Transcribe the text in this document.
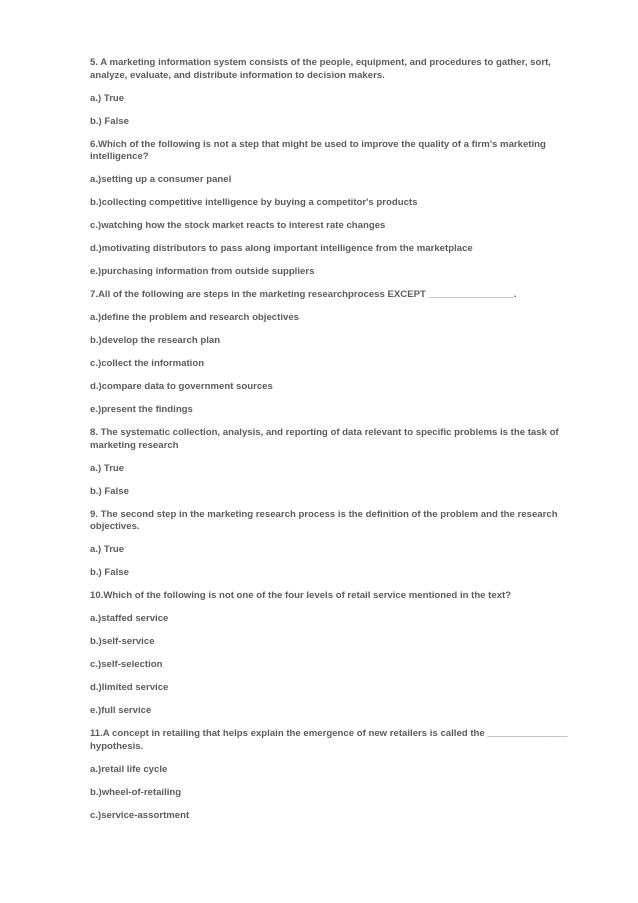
5. A marketing information system consists of the people, equipment, and procedures to gather, sort, analyze, evaluate, and distribute information to decision makers.

a.) True

b.) False

6.Which of the following is not a step that might be used to improve the quality of a firm's marketing intelligence?

a.)setting up a consumer panel

b.)collecting competitive intelligence by buying a competitor's products

c.)watching how the stock market reacts to interest rate changes

d.)motivating distributors to pass along important intelligence from the marketplace

e.)purchasing information from outside suppliers

7.All of the following are steps in the marketing researchprocess EXCEPT ________________.

a.)define the problem and research objectives

b.)develop the research plan

c.)collect the information

d.)compare data to government sources

e.)present the findings

8. The systematic collection, analysis, and reporting of data relevant to specific problems is the task of marketing research

a.) True

b.) False

9. The second step in the marketing research process is the definition of the problem and the research objectives.

a.) True

b.) False

10.Which of the following is not one of the four levels of retail service mentioned in the text?

a.)staffed service

b.)self-service

c.)self-selection

d.)limited service

e.)full service

11.A concept in retailing that helps explain the emergence of new retailers is called the _______________ hypothesis.

a.)retail life cycle

b.)wheel-of-retailing

c.)service-assortment
